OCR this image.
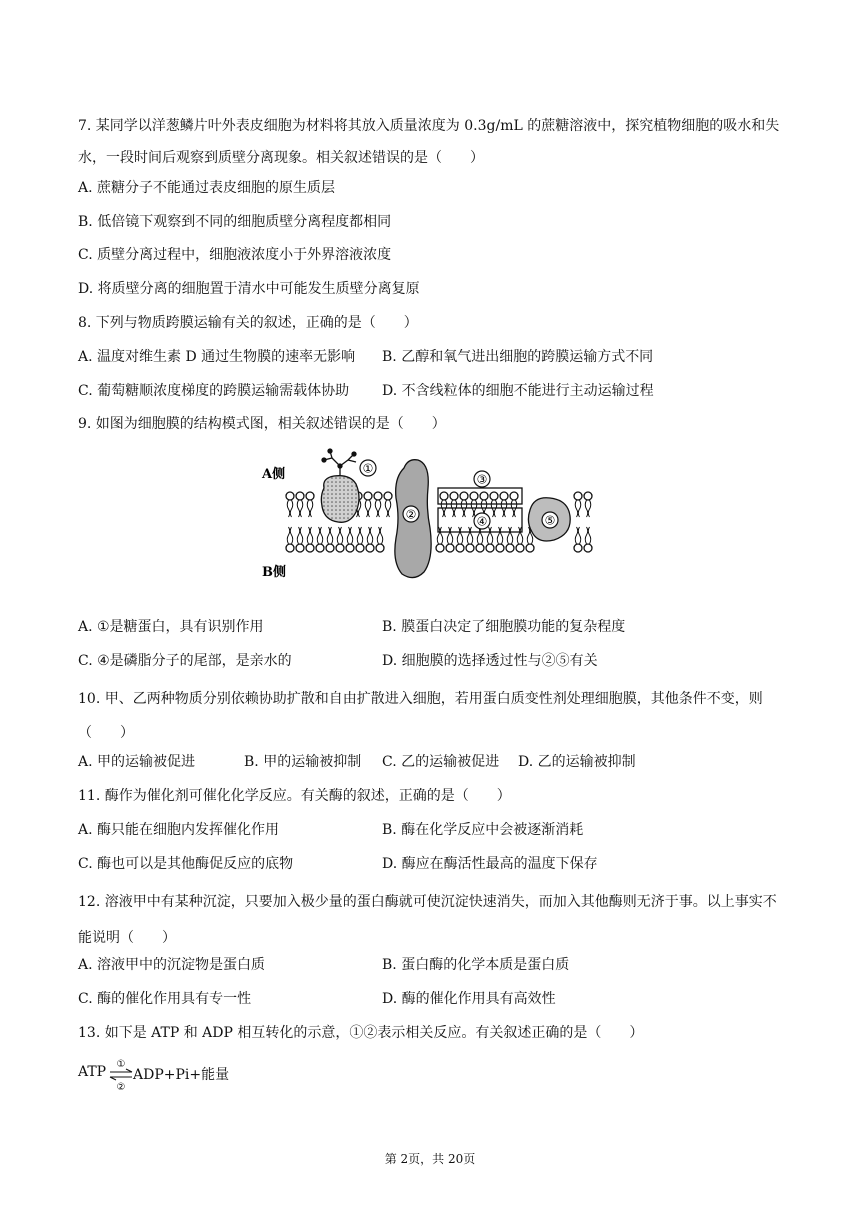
7. 某同学以洋葱鳞片叶外表皮细胞为材料将其放入质量浓度为 0.3g/mL 的蔗糖溶液中，探究植物细胞的吸水和失水，一段时间后观察到质壁分离现象。相关叙述错误的是（　　）
A. 蔗糖分子不能通过表皮细胞的原生质层
B. 低倍镜下观察到不同的细胞质壁分离程度都相同
C. 质壁分离过程中，细胞液浓度小于外界溶液浓度
D. 将质壁分离的细胞置于清水中可能发生质壁分离复原
8. 下列与物质跨膜运输有关的叙述，正确的是（　　）
A. 温度对维生素 D 通过生物膜的速率无影响 B. 乙醇和氧气进出细胞的跨膜运输方式不同
C. 葡萄糖顺浓度梯度的跨膜运输需载体协助 D. 不含线粒体的细胞不能进行主动运输过程
9. 如图为细胞膜的结构模式图，相关叙述错误的是（　　）
①
②
③
④	⑤
A侧
B侧
A. ①是糖蛋白，具有识别作用	B. 膜蛋白决定了细胞膜功能的复杂程度
C. ④是磷脂分子的尾部，是亲水的	D. 细胞膜的选择透过性与②⑤有关
10. 甲、乙两种物质分别依赖协助扩散和自由扩散进入细胞，若用蛋白质变性剂处理细胞膜，其他条件不变，则（　　）
A. 甲的运输被促进	B. 甲的运输被抑制 C. 乙的运输被促进 D. 乙的运输被抑制
11. 酶作为催化剂可催化化学反应。有关酶的叙述，正确的是（　　）
A. 酶只能在细胞内发挥催化作用	B. 酶在化学反应中会被逐渐消耗
C. 酶也可以是其他酶促反应的底物	D. 酶应在酶活性最高的温度下保存
12. 溶液甲中有某种沉淀，只要加入极少量的蛋白酶就可使沉淀快速消失，而加入其他酶则无济于事。以上事实不能说明（　　）
A. 溶液甲中的沉淀物是蛋白质	B. 蛋白酶的化学本质是蛋白质
C. 酶的催化作用具有专一性	D. 酶的催化作用具有高效性
13. 如下是 ATP 和 ADP 相互转化的示意，①②表示相关反应。有关叙述正确的是（　　）
ATP ①
②
ADP+Pi+能量
第 2页，共 20页
